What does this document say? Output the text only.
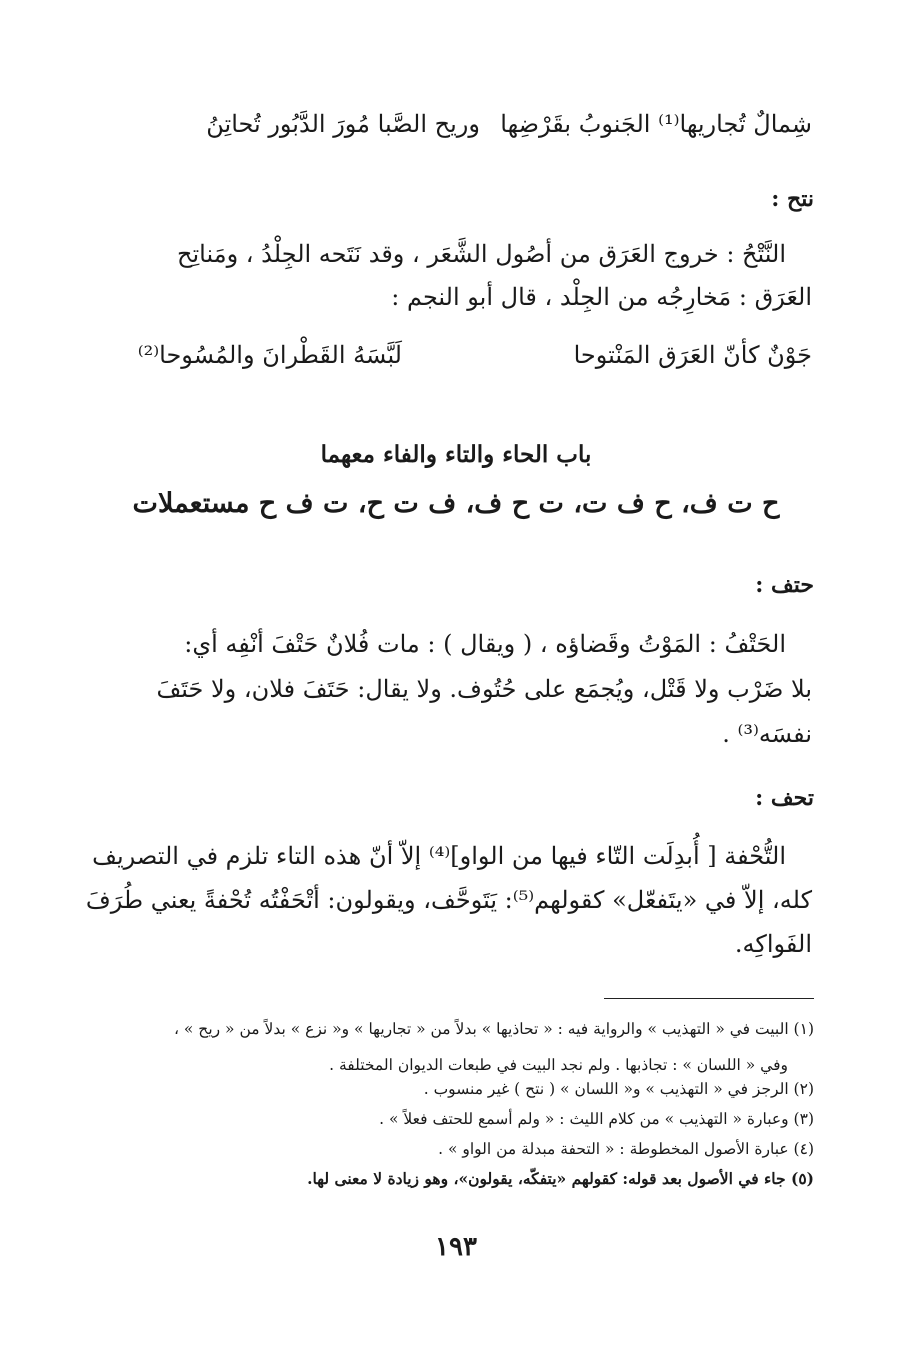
شِمالٌ تُجاريها⁽¹⁾ الجَنوبُ بقَرْضِها
وريح الصَّبا مُورَ الدَّبُور تُحاتِنُ
نتح :
النَّتْحُ : خروج العَرَق من أصُول الشَّعَر ، وقد نَتَحه الجِلْدُ ، ومَناتِح
العَرَق : مَخارِجُه من الجِلْد ، قال أبو النجم :
جَوْنٌ كأنّ العَرَق المَنْتوحا
لَبَّسَهُ القَطْرانَ والمُسُوحا⁽²⁾
باب الحاء والتاء والفاء معهما
ح ت ف، ح ف ت، ت ح ف، ف ت ح، ت ف ح مستعملات
حتف :
الحَتْفُ : المَوْتُ وقَضاؤه ، ( ويقال ) : مات فُلانٌ حَتْفَ أنْفِه أي:
بلا ضَرْب ولا قَتْل، ويُجمَع على حُتُوف. ولا يقال: حَتَفَ فلان، ولا حَتَفَ
نفسَه⁽³⁾ .
تحف :
التُّحْفة [ أُبدِلَت التّاء فيها من الواو]⁽⁴⁾ إلاّ أنّ هذه التاء تلزم في التصريف
كله، إلاّ في «يتَفعّل» كقولهم⁽⁵⁾: يَتَوحَّف، ويقولون: أتْحَفْتُه تُحْفةً يعني طُرَفَ
الفَواكِه.
(١) البيت في « التهذيب » والرواية فيه : « تحاذيها » بدلاً من « تجاريها » و« نزع » بدلاً من « ريح » ،
وفي « اللسان » : تجاذبها . ولم نجد البيت في طبعات الديوان المختلفة .
(٢) الرجز في « التهذيب » و« اللسان » ( نتح ) غير منسوب .
(٣) وعبارة « التهذيب » من كلام الليث : « ولم أسمع للحتف فعلاً » .
(٤) عبارة الأصول المخطوطة : « التحفة مبدلة من الواو » .
(٥) جاء في الأصول بعد قوله: كقولهم «يتفكّه، يقولون»، وهو زيادة لا معنى لها.
١٩٣
